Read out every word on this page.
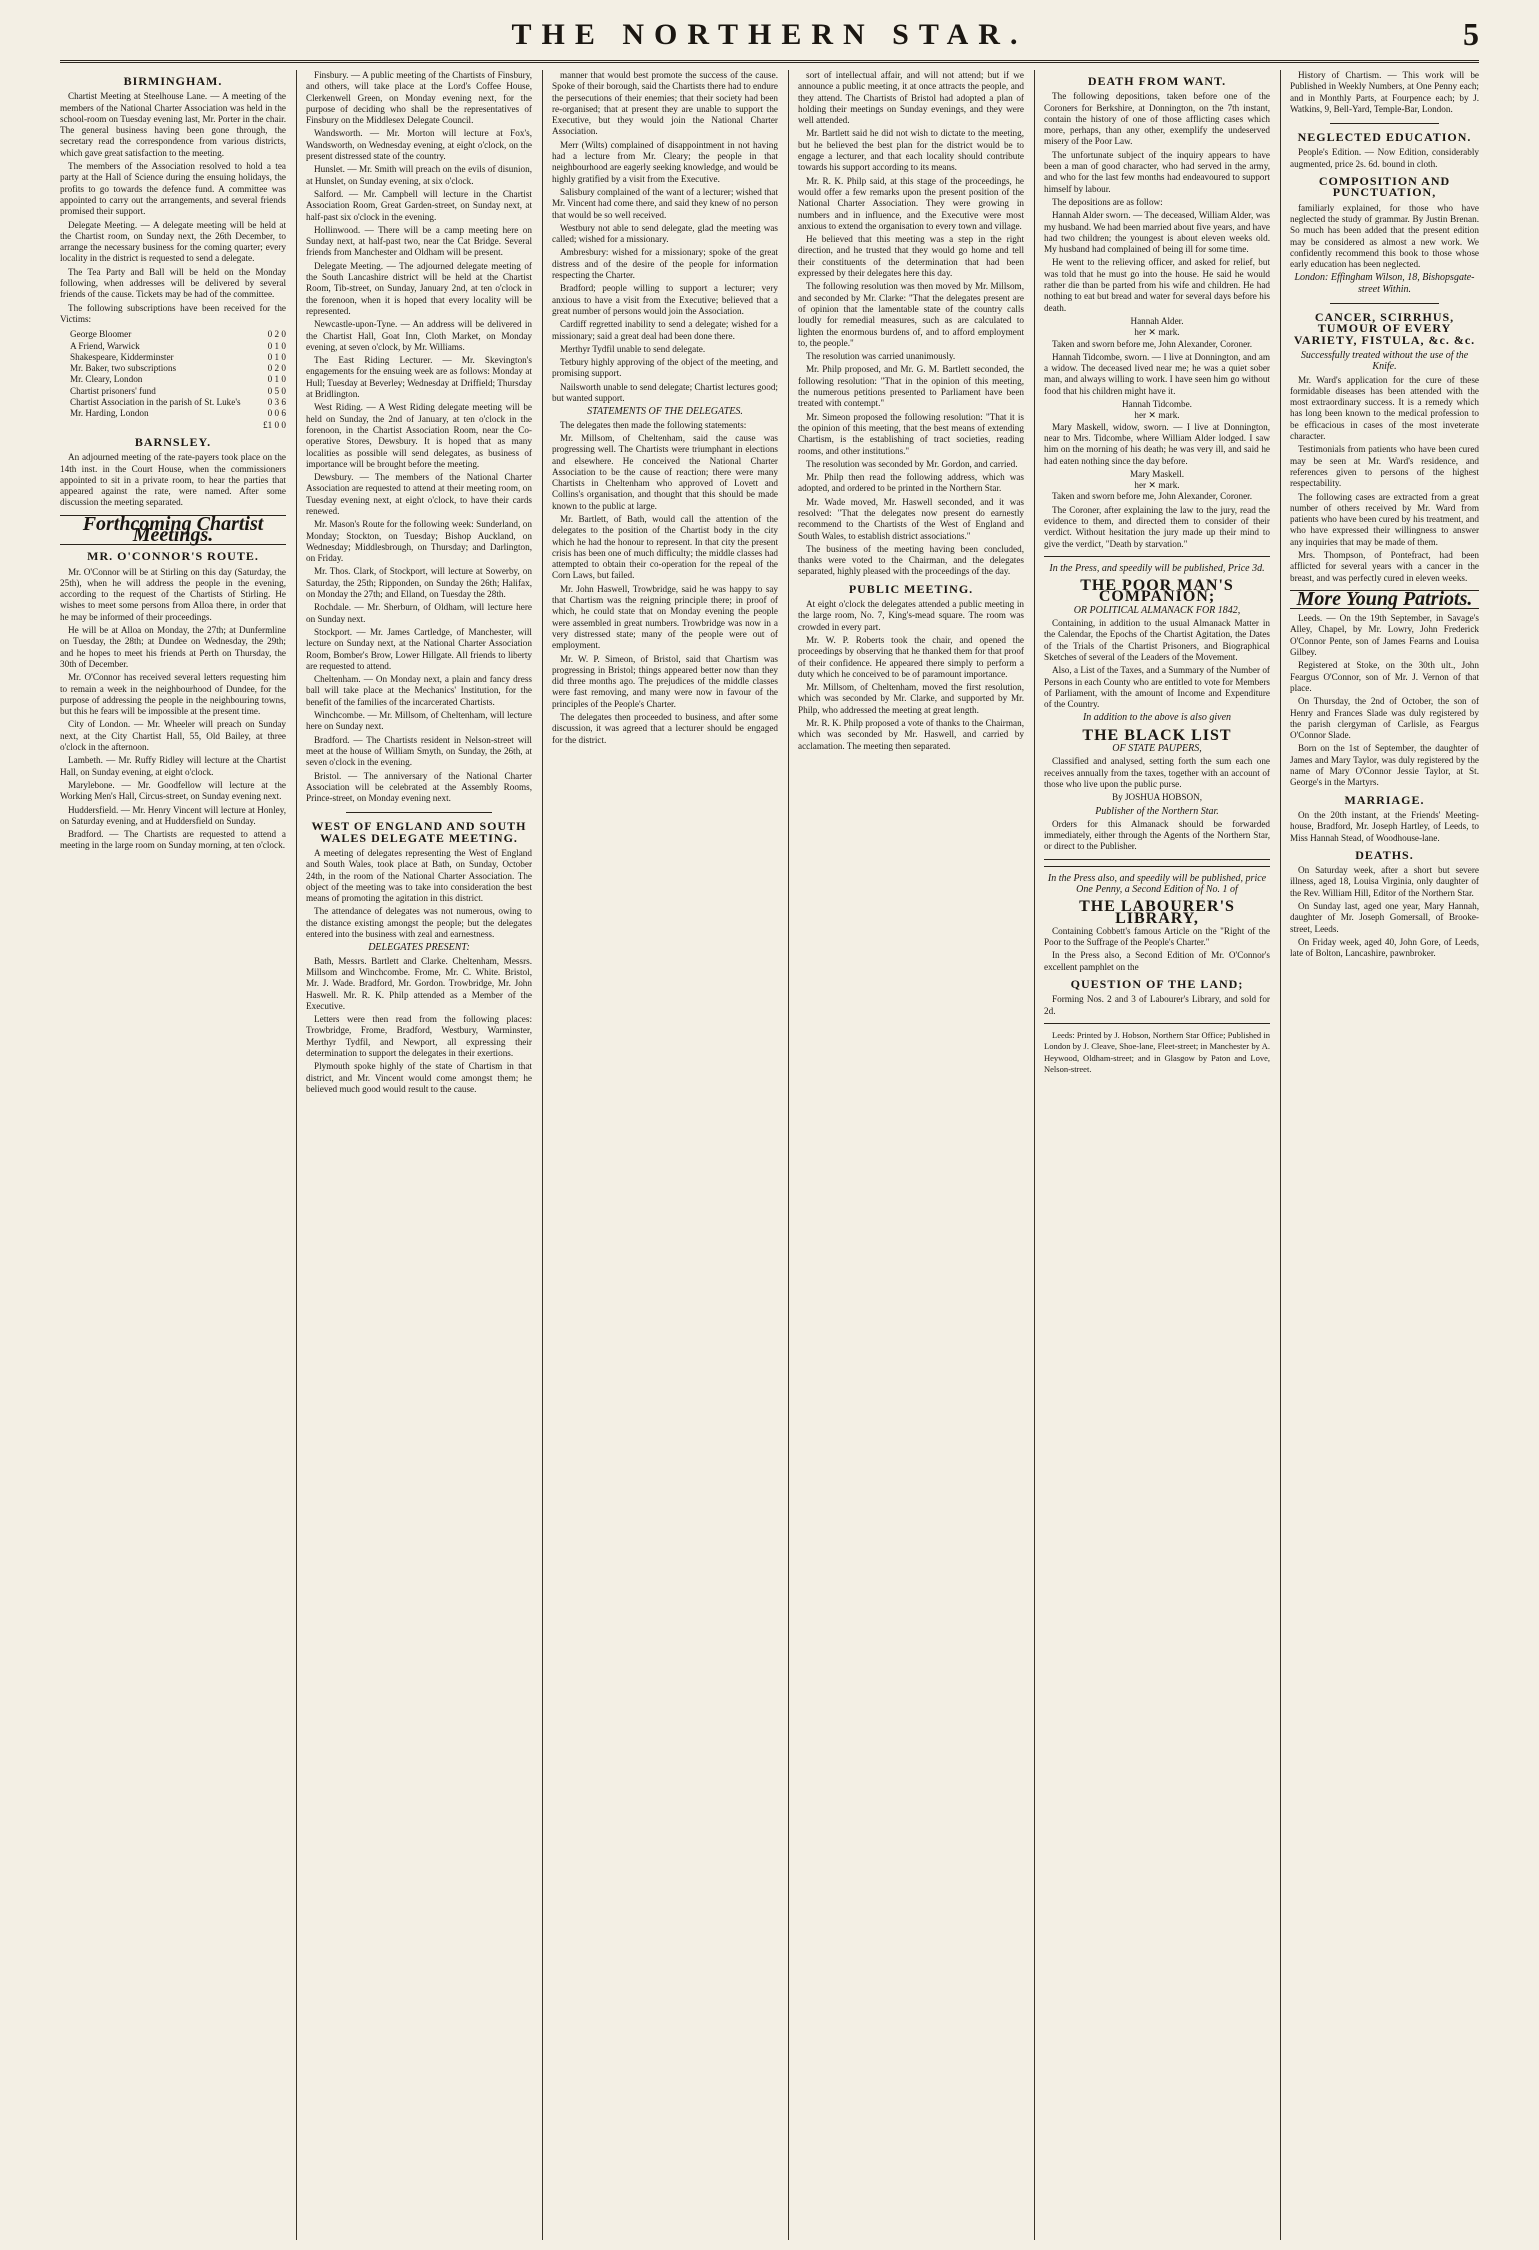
THE NORTHERN STAR.	5
BIRMINGHAM.

Chartist Meeting at Steelhouse Lane. — A meeting of the members of the National Charter Association was held in the school-room on Tuesday evening last, Mr. Porter in the chair. The general business having been gone through, the secretary read the correspondence from various districts, which gave great satisfaction to the meeting.

The members of the Association resolved to hold a tea party at the Hall of Science during the ensuing holidays, the profits to go towards the defence fund. A committee was appointed to carry out the arrangements, and several friends promised their support.

Delegate Meeting. — A delegate meeting will be held at the Chartist room, on Sunday next, the 26th December, to arrange the necessary business for the coming quarter; every locality in the district is requested to send a delegate.

The Tea Party and Ball will be held on the Monday following, when addresses will be delivered by several friends of the cause. Tickets may be had of the committee.

The following subscriptions have been received for the Victims:

George Bloomer	0 2 0
A Friend, Warwick	0 1 0
Shakespeare, Kidderminster	0 1 0
Mr. Baker, two subscriptions	0 2 0
Mr. Cleary, London	0 1 0
Chartist prisoners' fund	0 5 0
Chartist Association in the parish of St. Luke's	0 3 6
Mr. Harding, London	0 0 6
£1 0 0
BARNSLEY.

An adjourned meeting of the rate-payers took place on the 14th inst. in the Court House, when the commissioners appointed to sit in a private room, to hear the parties that appeared against the rate, were named. After some discussion the meeting separated.

Forthcoming Chartist Meetings.
MR. O'CONNOR'S ROUTE.

Mr. O'Connor will be at Stirling on this day (Saturday, the 25th), when he will address the people in the evening, according to the request of the Chartists of Stirling. He wishes to meet some persons from Alloa there, in order that he may be informed of their proceedings.

He will be at Alloa on Monday, the 27th; at Dunfermline on Tuesday, the 28th; at Dundee on Wednesday, the 29th; and he hopes to meet his friends at Perth on Thursday, the 30th of December.

Mr. O'Connor has received several letters requesting him to remain a week in the neighbourhood of Dundee, for the purpose of addressing the people in the neighbouring towns, but this he fears will be impossible at the present time.

City of London. — Mr. Wheeler will preach on Sunday next, at the City Chartist Hall, 55, Old Bailey, at three o'clock in the afternoon.

Lambeth. — Mr. Ruffy Ridley will lecture at the Chartist Hall, on Sunday evening, at eight o'clock.

Marylebone. — Mr. Goodfellow will lecture at the Working Men's Hall, Circus-street, on Sunday evening next.

Huddersfield. — Mr. Henry Vincent will lecture at Honley, on Saturday evening, and at Huddersfield on Sunday.

Bradford. — The Chartists are requested to attend a meeting in the large room on Sunday morning, at ten o'clock.

Finsbury. — A public meeting of the Chartists of Finsbury, and others, will take place at the Lord's Coffee House, Clerkenwell Green, on Monday evening next, for the purpose of deciding who shall be the representatives of Finsbury on the Middlesex Delegate Council.

Wandsworth. — Mr. Morton will lecture at Fox's, Wandsworth, on Wednesday evening, at eight o'clock, on the present distressed state of the country.

Hunslet. — Mr. Smith will preach on the evils of disunion, at Hunslet, on Sunday evening, at six o'clock.

Salford. — Mr. Campbell will lecture in the Chartist Association Room, Great Garden-street, on Sunday next, at half-past six o'clock in the evening.

Hollinwood. — There will be a camp meeting here on Sunday next, at half-past two, near the Cat Bridge. Several friends from Manchester and Oldham will be present.

Delegate Meeting. — The adjourned delegate meeting of the South Lancashire district will be held at the Chartist Room, Tib-street, on Sunday, January 2nd, at ten o'clock in the forenoon, when it is hoped that every locality will be represented.

Newcastle-upon-Tyne. — An address will be delivered in the Chartist Hall, Goat Inn, Cloth Market, on Monday evening, at seven o'clock, by Mr. Williams.

The East Riding Lecturer. — Mr. Skevington's engagements for the ensuing week are as follows: Monday at Hull; Tuesday at Beverley; Wednesday at Driffield; Thursday at Bridlington.

West Riding. — A West Riding delegate meeting will be held on Sunday, the 2nd of January, at ten o'clock in the forenoon, in the Chartist Association Room, near the Co-operative Stores, Dewsbury. It is hoped that as many localities as possible will send delegates, as business of importance will be brought before the meeting.

Dewsbury. — The members of the National Charter Association are requested to attend at their meeting room, on Tuesday evening next, at eight o'clock, to have their cards renewed.

Mr. Mason's Route for the following week: Sunderland, on Monday; Stockton, on Tuesday; Bishop Auckland, on Wednesday; Middlesbrough, on Thursday; and Darlington, on Friday.

Mr. Thos. Clark, of Stockport, will lecture at Sowerby, on Saturday, the 25th; Ripponden, on Sunday the 26th; Halifax, on Monday the 27th; and Elland, on Tuesday the 28th.

Rochdale. — Mr. Sherburn, of Oldham, will lecture here on Sunday next.

Stockport. — Mr. James Cartledge, of Manchester, will lecture on Sunday next, at the National Charter Association Room, Bomber's Brow, Lower Hillgate. All friends to liberty are requested to attend.

Cheltenham. — On Monday next, a plain and fancy dress ball will take place at the Mechanics' Institution, for the benefit of the families of the incarcerated Chartists.

Winchcombe. — Mr. Millsom, of Cheltenham, will lecture here on Sunday next.

Bradford. — The Chartists resident in Nelson-street will meet at the house of William Smyth, on Sunday, the 26th, at seven o'clock in the evening.

Bristol. — The anniversary of the National Charter Association will be celebrated at the Assembly Rooms, Prince-street, on Monday evening next.

WEST OF ENGLAND AND SOUTH WALES DELEGATE MEETING.

A meeting of delegates representing the West of England and South Wales, took place at Bath, on Sunday, October 24th, in the room of the National Charter Association. The object of the meeting was to take into consideration the best means of promoting the agitation in this district.

The attendance of delegates was not numerous, owing to the distance existing amongst the people; but the delegates entered into the business with zeal and earnestness.

DELEGATES PRESENT:

Bath, Messrs. Bartlett and Clarke. Cheltenham, Messrs. Millsom and Winchcombe. Frome, Mr. C. White. Bristol, Mr. J. Wade. Bradford, Mr. Gordon. Trowbridge, Mr. John Haswell. Mr. R. K. Philp attended as a Member of the Executive.

Letters were then read from the following places: Trowbridge, Frome, Bradford, Westbury, Warminster, Merthyr Tydfil, and Newport, all expressing their determination to support the delegates in their exertions.

Plymouth spoke highly of the state of Chartism in that district, and Mr. Vincent would come amongst them; he believed much good would result to the cause.

manner that would best promote the success of the cause. Spoke of their borough, said the Chartists there had to endure the persecutions of their enemies; that their society had been re-organised; that at present they are unable to support the Executive, but they would join the National Charter Association.

Merr (Wilts) complained of disappointment in not having had a lecture from Mr. Cleary; the people in that neighbourhood are eagerly seeking knowledge, and would be highly gratified by a visit from the Executive.

Salisbury complained of the want of a lecturer; wished that Mr. Vincent had come there, and said they knew of no person that would be so well received.

Westbury not able to send delegate, glad the meeting was called; wished for a missionary.

Ambresbury: wished for a missionary; spoke of the great distress and of the desire of the people for information respecting the Charter.

Bradford; people willing to support a lecturer; very anxious to have a visit from the Executive; believed that a great number of persons would join the Association.

Cardiff regretted inability to send a delegate; wished for a missionary; said a great deal had been done there.

Merthyr Tydfil unable to send delegate.

Tetbury highly approving of the object of the meeting, and promising support.

Nailsworth unable to send delegate; Chartist lectures good; but wanted support.

STATEMENTS OF THE DELEGATES.

The delegates then made the following statements:

Mr. Millsom, of Cheltenham, said the cause was progressing well. The Chartists were triumphant in elections and elsewhere. He conceived the National Charter Association to be the cause of reaction; there were many Chartists in Cheltenham who approved of Lovett and Collins's organisation, and thought that this should be made known to the public at large.

Mr. Bartlett, of Bath, would call the attention of the delegates to the position of the Chartist body in the city which he had the honour to represent. In that city the present crisis has been one of much difficulty; the middle classes had attempted to obtain their co-operation for the repeal of the Corn Laws, but failed.

Mr. John Haswell, Trowbridge, said he was happy to say that Chartism was the reigning principle there; in proof of which, he could state that on Monday evening the people were assembled in great numbers. Trowbridge was now in a very distressed state; many of the people were out of employment.

Mr. W. P. Simeon, of Bristol, said that Chartism was progressing in Bristol; things appeared better now than they did three months ago. The prejudices of the middle classes were fast removing, and many were now in favour of the principles of the People's Charter.

The delegates then proceeded to business, and after some discussion, it was agreed that a lecturer should be engaged for the district.

sort of intellectual affair, and will not attend; but if we announce a public meeting, it at once attracts the people, and they attend. The Chartists of Bristol had adopted a plan of holding their meetings on Sunday evenings, and they were well attended.

Mr. Bartlett said he did not wish to dictate to the meeting, but he believed the best plan for the district would be to engage a lecturer, and that each locality should contribute towards his support according to its means.

Mr. R. K. Philp said, at this stage of the proceedings, he would offer a few remarks upon the present position of the National Charter Association. They were growing in numbers and in influence, and the Executive were most anxious to extend the organisation to every town and village.

He believed that this meeting was a step in the right direction, and he trusted that they would go home and tell their constituents of the determination that had been expressed by their delegates here this day.

The following resolution was then moved by Mr. Millsom, and seconded by Mr. Clarke: "That the delegates present are of opinion that the lamentable state of the country calls loudly for remedial measures, such as are calculated to lighten the enormous burdens of, and to afford employment to, the people."

The resolution was carried unanimously.

Mr. Philp proposed, and Mr. G. M. Bartlett seconded, the following resolution: "That in the opinion of this meeting, the numerous petitions presented to Parliament have been treated with contempt."

Mr. Simeon proposed the following resolution: "That it is the opinion of this meeting, that the best means of extending Chartism, is the establishing of tract societies, reading rooms, and other institutions."

The resolution was seconded by Mr. Gordon, and carried.

Mr. Philp then read the following address, which was adopted, and ordered to be printed in the Northern Star.

Mr. Wade moved, Mr. Haswell seconded, and it was resolved: "That the delegates now present do earnestly recommend to the Chartists of the West of England and South Wales, to establish district associations."

The business of the meeting having been concluded, thanks were voted to the Chairman, and the delegates separated, highly pleased with the proceedings of the day.

PUBLIC MEETING.

At eight o'clock the delegates attended a public meeting in the large room, No. 7, King's-mead square. The room was crowded in every part.

Mr. W. P. Roberts took the chair, and opened the proceedings by observing that he thanked them for that proof of their confidence. He appeared there simply to perform a duty which he conceived to be of paramount importance.

Mr. Millsom, of Cheltenham, moved the first resolution, which was seconded by Mr. Clarke, and supported by Mr. Philp, who addressed the meeting at great length.

Mr. R. K. Philp proposed a vote of thanks to the Chairman, which was seconded by Mr. Haswell, and carried by acclamation. The meeting then separated.

DEATH FROM WANT.

The following depositions, taken before one of the Coroners for Berkshire, at Donnington, on the 7th instant, contain the history of one of those afflicting cases which more, perhaps, than any other, exemplify the undeserved misery of the Poor Law.

The unfortunate subject of the inquiry appears to have been a man of good character, who had served in the army, and who for the last few months had endeavoured to support himself by labour.

The depositions are as follow:

Hannah Alder sworn. — The deceased, William Alder, was my husband. We had been married about five years, and have had two children; the youngest is about eleven weeks old. My husband had complained of being ill for some time.

He went to the relieving officer, and asked for relief, but was told that he must go into the house. He said he would rather die than be parted from his wife and children. He had nothing to eat but bread and water for several days before his death.

Hannah Alder.
her ✕ mark.

Taken and sworn before me, John Alexander, Coroner.

Hannah Tidcombe, sworn. — I live at Donnington, and am a widow. The deceased lived near me; he was a quiet sober man, and always willing to work. I have seen him go without food that his children might have it.

Hannah Tidcombe.
her ✕ mark.

Mary Maskell, widow, sworn. — I live at Donnington, near to Mrs. Tidcombe, where William Alder lodged. I saw him on the morning of his death; he was very ill, and said he had eaten nothing since the day before.

Mary Maskell.
her ✕ mark.

Taken and sworn before me, John Alexander, Coroner.

The Coroner, after explaining the law to the jury, read the evidence to them, and directed them to consider of their verdict. Without hesitation the jury made up their mind to give the verdict, "Death by starvation."

In the Press, and speedily will be published, Price 3d.
THE POOR MAN'S COMPANION;
OR POLITICAL ALMANACK FOR 1842,

Containing, in addition to the usual Almanack Matter in the Calendar, the Epochs of the Chartist Agitation, the Dates of the Trials of the Chartist Prisoners, and Biographical Sketches of several of the Leaders of the Movement.

Also, a List of the Taxes, and a Summary of the Number of Persons in each County who are entitled to vote for Members of Parliament, with the amount of Income and Expenditure of the Country.

In addition to the above is also given
THE BLACK LIST
OF STATE PAUPERS,

Classified and analysed, setting forth the sum each one receives annually from the taxes, together with an account of those who live upon the public purse.

By JOSHUA HOBSON,
Publisher of the Northern Star.

Orders for this Almanack should be forwarded immediately, either through the Agents of the Northern Star, or direct to the Publisher.

In the Press also, and speedily will be published, price One Penny, a Second Edition of No. 1 of
THE LABOURER'S LIBRARY,

Containing Cobbett's famous Article on the "Right of the Poor to the Suffrage of the People's Charter."

In the Press also, a Second Edition of Mr. O'Connor's excellent pamphlet on the

QUESTION OF THE LAND;

Forming Nos. 2 and 3 of Labourer's Library, and sold for 2d.

Leeds: Printed by J. Hobson, Northern Star Office; Published in London by J. Cleave, Shoe-lane, Fleet-street; in Manchester by A. Heywood, Oldham-street; and in Glasgow by Paton and Love, Nelson-street.

History of Chartism. — This work will be Published in Weekly Numbers, at One Penny each; and in Monthly Parts, at Fourpence each; by J. Watkins, 9, Bell-Yard, Temple-Bar, London.

NEGLECTED EDUCATION.

People's Edition. — Now Edition, considerably augmented, price 2s. 6d. bound in cloth.

COMPOSITION AND PUNCTUATION,

familiarly explained, for those who have neglected the study of grammar. By Justin Brenan. So much has been added that the present edition may be considered as almost a new work. We confidently recommend this book to those whose early education has been neglected.

London: Effingham Wilson, 18, Bishopsgate-street Within.
CANCER, SCIRRHUS, TUMOUR OF EVERY VARIETY, FISTULA, &c. &c.
Successfully treated without the use of the Knife.

Mr. Ward's application for the cure of these formidable diseases has been attended with the most extraordinary success. It is a remedy which has long been known to the medical profession to be efficacious in cases of the most inveterate character.

Testimonials from patients who have been cured may be seen at Mr. Ward's residence, and references given to persons of the highest respectability.

The following cases are extracted from a great number of others received by Mr. Ward from patients who have been cured by his treatment, and who have expressed their willingness to answer any inquiries that may be made of them.

Mrs. Thompson, of Pontefract, had been afflicted for several years with a cancer in the breast, and was perfectly cured in eleven weeks.

More Young Patriots.

Leeds. — On the 19th September, in Savage's Alley, Chapel, by Mr. Lowry, John Frederick O'Connor Pente, son of James Fearns and Louisa Gilbey.

Registered at Stoke, on the 30th ult., John Feargus O'Connor, son of Mr. J. Vernon of that place.

On Thursday, the 2nd of October, the son of Henry and Frances Slade was duly registered by the parish clergyman of Carlisle, as Feargus O'Connor Slade.

Born on the 1st of September, the daughter of James and Mary Taylor, was duly registered by the name of Mary O'Connor Jessie Taylor, at St. George's in the Martyrs.

MARRIAGE.

On the 20th instant, at the Friends' Meeting-house, Bradford, Mr. Joseph Hartley, of Leeds, to Miss Hannah Stead, of Woodhouse-lane.

DEATHS.

On Saturday week, after a short but severe illness, aged 18, Louisa Virginia, only daughter of the Rev. William Hill, Editor of the Northern Star.

On Sunday last, aged one year, Mary Hannah, daughter of Mr. Joseph Gomersall, of Brooke-street, Leeds.

On Friday week, aged 40, John Gore, of Leeds, late of Bolton, Lancashire, pawnbroker.
